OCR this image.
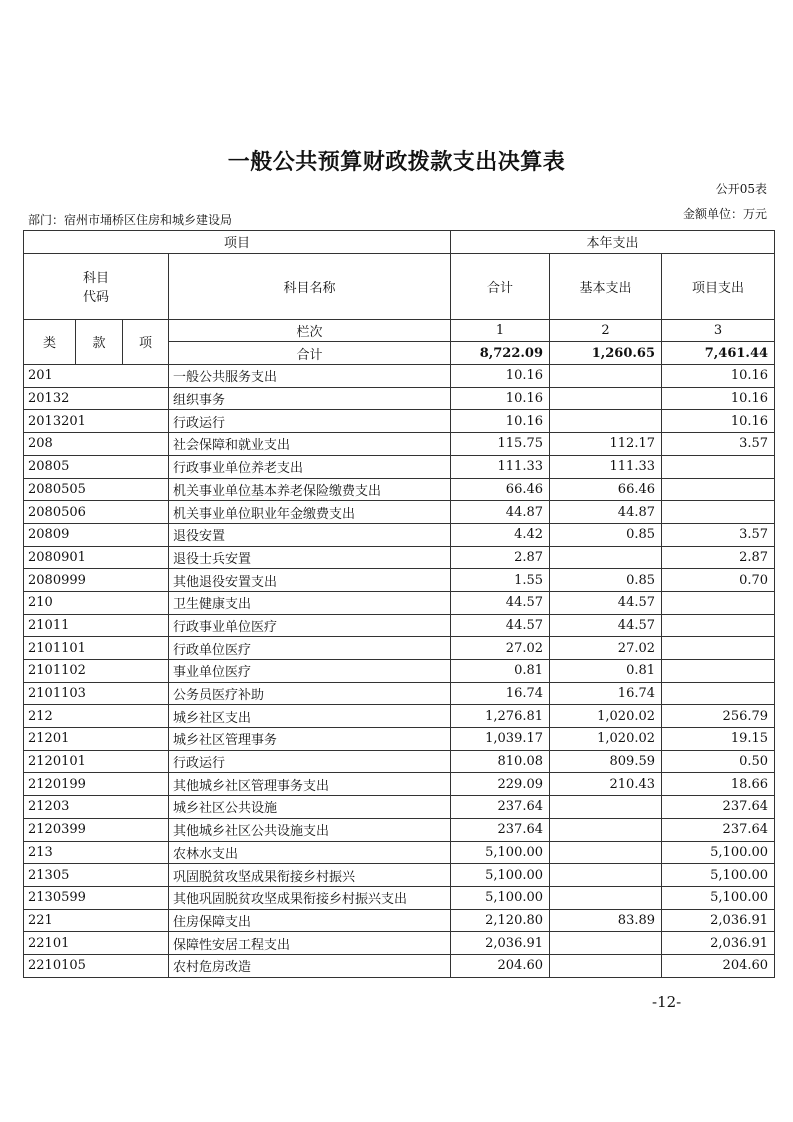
一般公共预算财政拨款支出决算表
公开05表
金额单位：万元
部门：宿州市埇桥区住房和城乡建设局
项目				本年支出		

科目
代码			科目名称	合计	基本支出	项目支出
类	款	项	栏次	1	2	3
			合计	8,722.09	1,260.65	7,461.44
201			一般公共服务支出	10.16		10.16
20132			组织事务	10.16		10.16
2013201			行政运行	10.16		10.16
208			社会保障和就业支出	115.75	112.17	3.57
20805			行政事业单位养老支出	111.33	111.33	
2080505			机关事业单位基本养老保险缴费支出	66.46	66.46	
2080506			机关事业单位职业年金缴费支出	44.87	44.87	
20809			退役安置	4.42	0.85	3.57
2080901			退役士兵安置	2.87		2.87
2080999			其他退役安置支出	1.55	0.85	0.70
210			卫生健康支出	44.57	44.57	
21011			行政事业单位医疗	44.57	44.57	
2101101			行政单位医疗	27.02	27.02	
2101102			事业单位医疗	0.81	0.81	
2101103			公务员医疗补助	16.74	16.74	
212			城乡社区支出	1,276.81	1,020.02	256.79
21201			城乡社区管理事务	1,039.17	1,020.02	19.15
2120101			行政运行	810.08	809.59	0.50
2120199			其他城乡社区管理事务支出	229.09	210.43	18.66
21203			城乡社区公共设施	237.64		237.64
2120399			其他城乡社区公共设施支出	237.64		237.64
213			农林水支出	5,100.00		5,100.00
21305			巩固脱贫攻坚成果衔接乡村振兴	5,100.00		5,100.00
2130599			其他巩固脱贫攻坚成果衔接乡村振兴支出	5,100.00		5,100.00
221			住房保障支出	2,120.80	83.89	2,036.91
22101			保障性安居工程支出	2,036.91		2,036.91
2210105			农村危房改造	204.60		204.60
-12-
